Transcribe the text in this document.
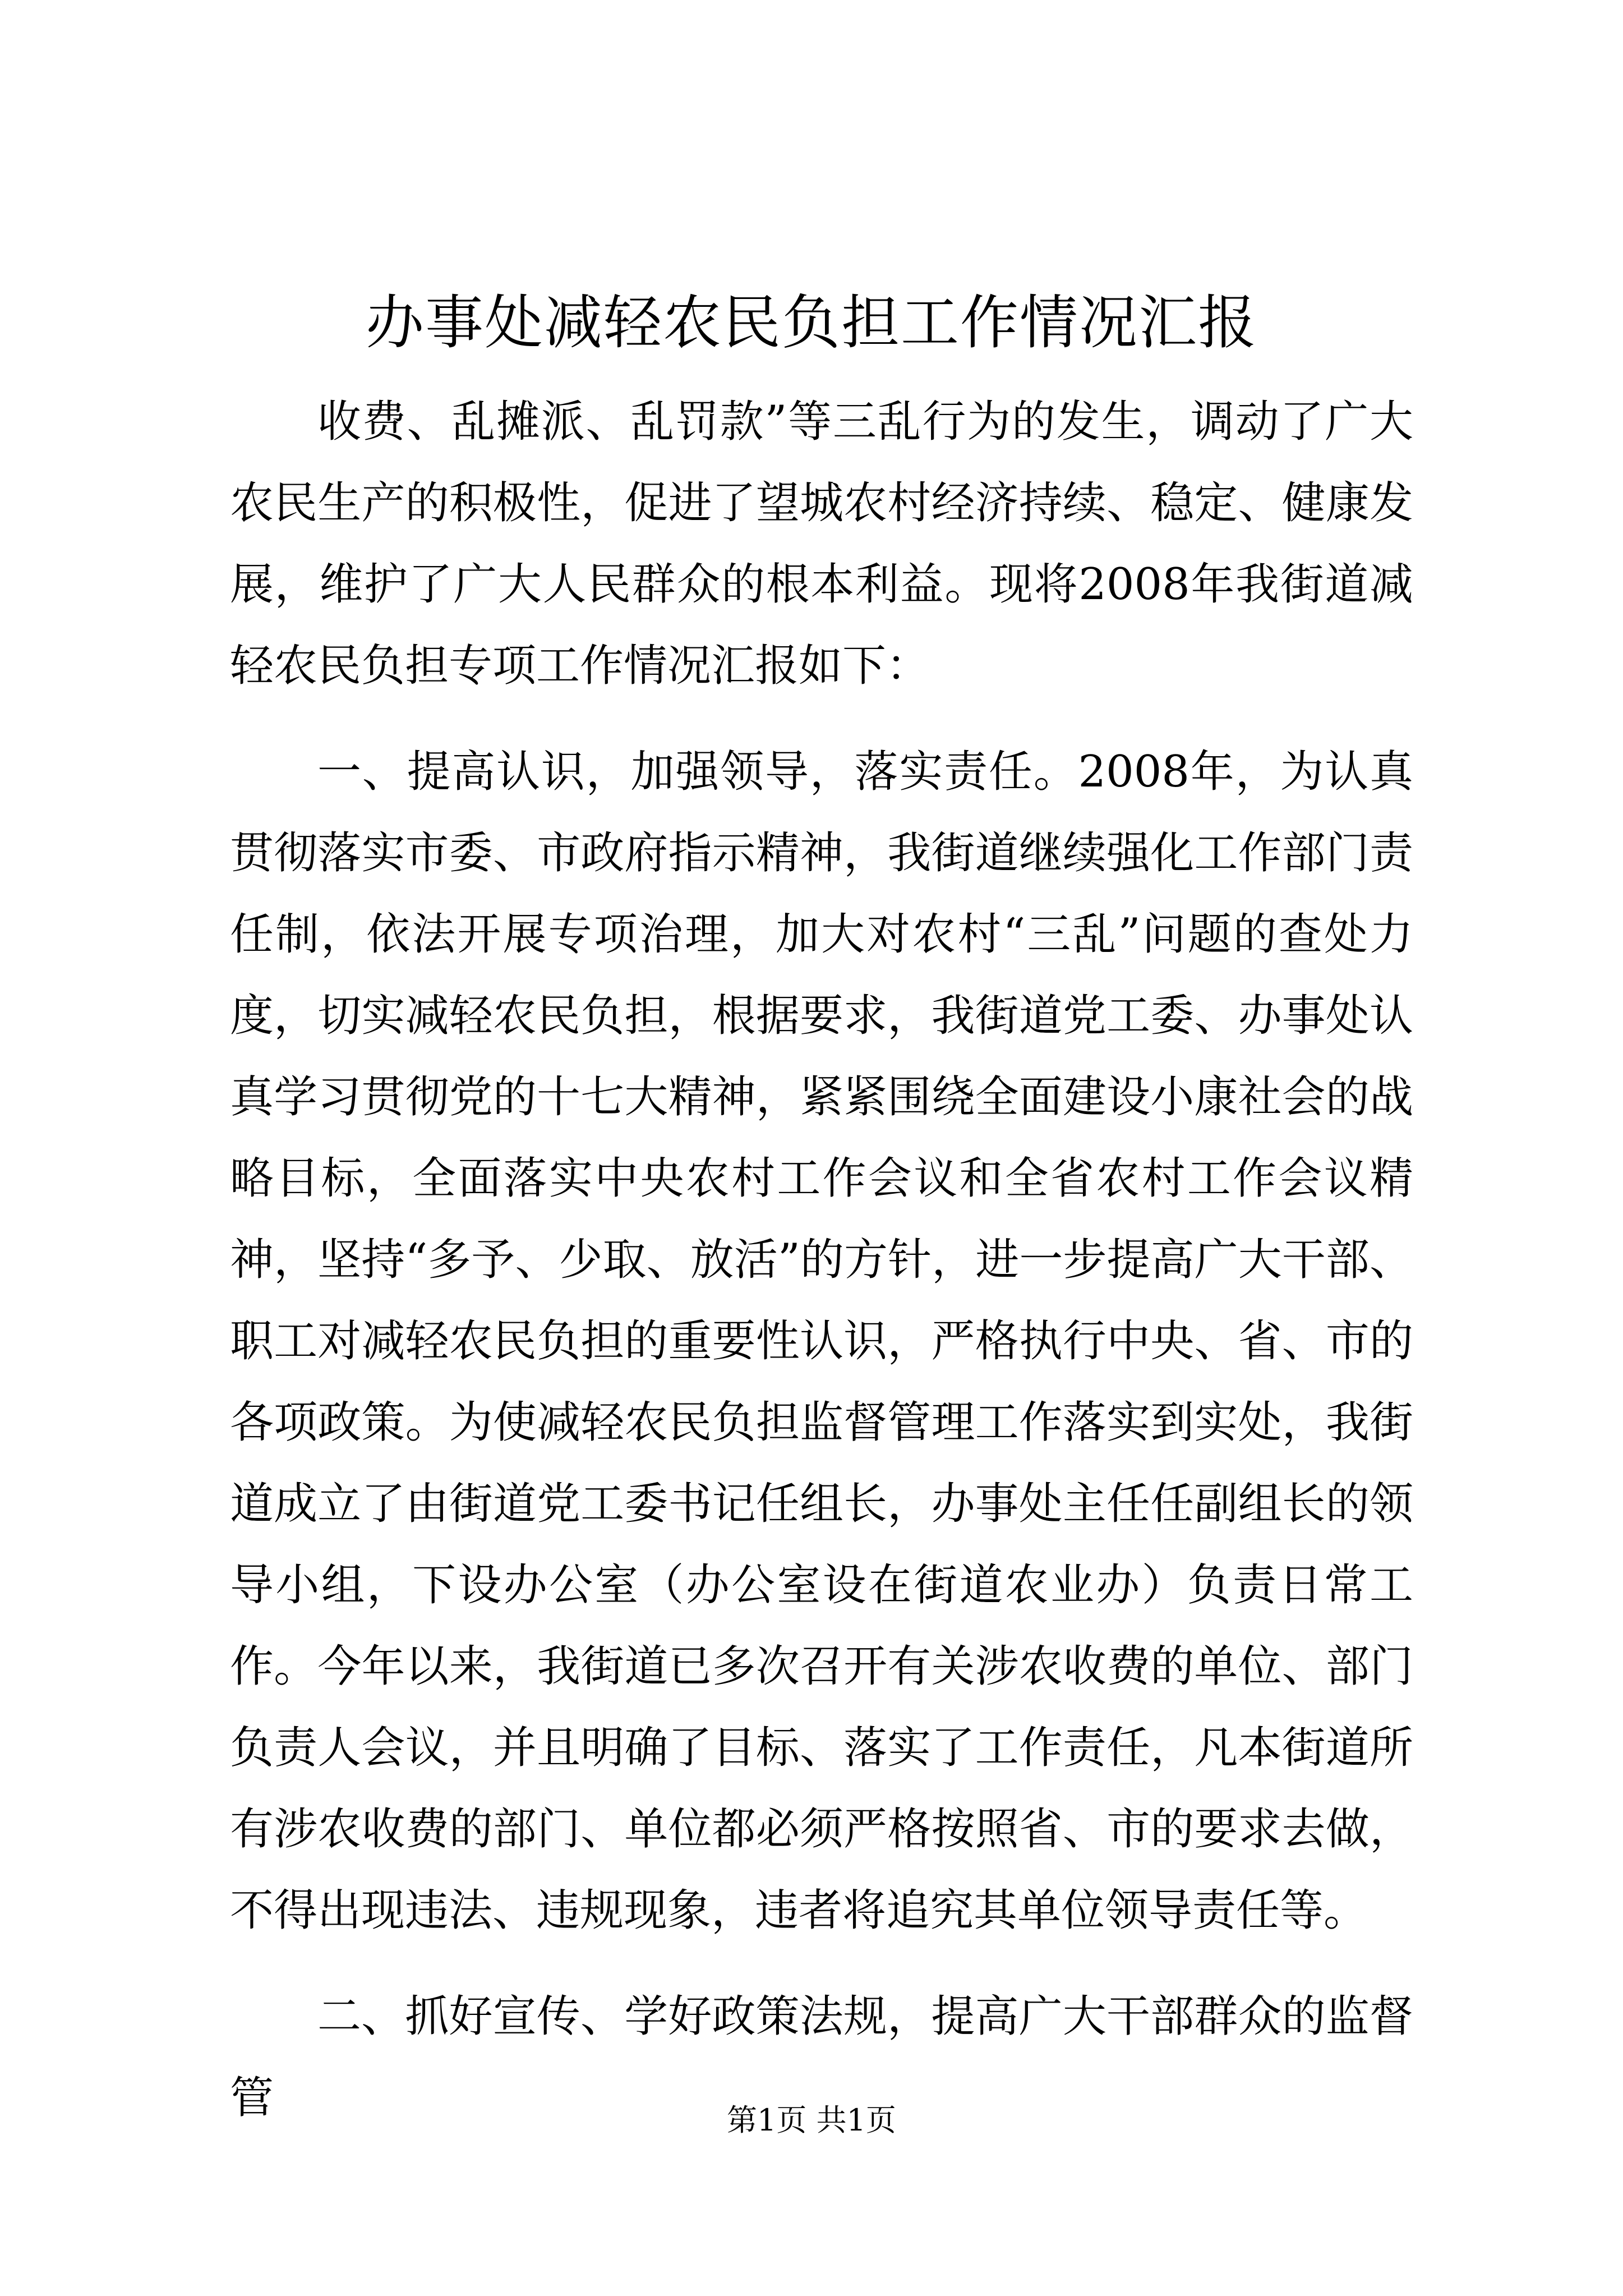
办事处减轻农民负担工作情况汇报

收费、乱摊派、乱罚款”等三乱行为的发生，调动了广大农民生产的积极性，促进了望城农村经济持续、稳定、健康发展，维护了广大人民群众的根本利益。现将2008年我街道减轻农民负担专项工作情况汇报如下：

一、提高认识，加强领导，落实责任。2008年，为认真贯彻落实市委、市政府指示精神，我街道继续强化工作部门责任制，依法开展专项治理，加大对农村“三乱”问题的查处力度，切实减轻农民负担，根据要求，我街道党工委、办事处认真学习贯彻党的十七大精神，紧紧围绕全面建设小康社会的战略目标，全面落实中央农村工作会议和全省农村工作会议精神，坚持“多予、少取、放活”的方针，进一步提高广大干部、职工对减轻农民负担的重要性认识，严格执行中央、省、市的各项政策。为使减轻农民负担监督管理工作落实到实处，我街道成立了由街道党工委书记任组长，办事处主任任副组长的领导小组，下设办公室（办公室设在街道农业办）负责日常工作。今年以来，我街道已多次召开有关涉农收费的单位、部门负责人会议，并且明确了目标、落实了工作责任，凡本街道所有涉农收费的部门、单位都必须严格按照省、市的要求去做，不得出现违法、违规现象，违者将追究其单位领导责任等。

二、抓好宣传、学好政策法规，提高广大干部群众的监督管	第1页 共1页
